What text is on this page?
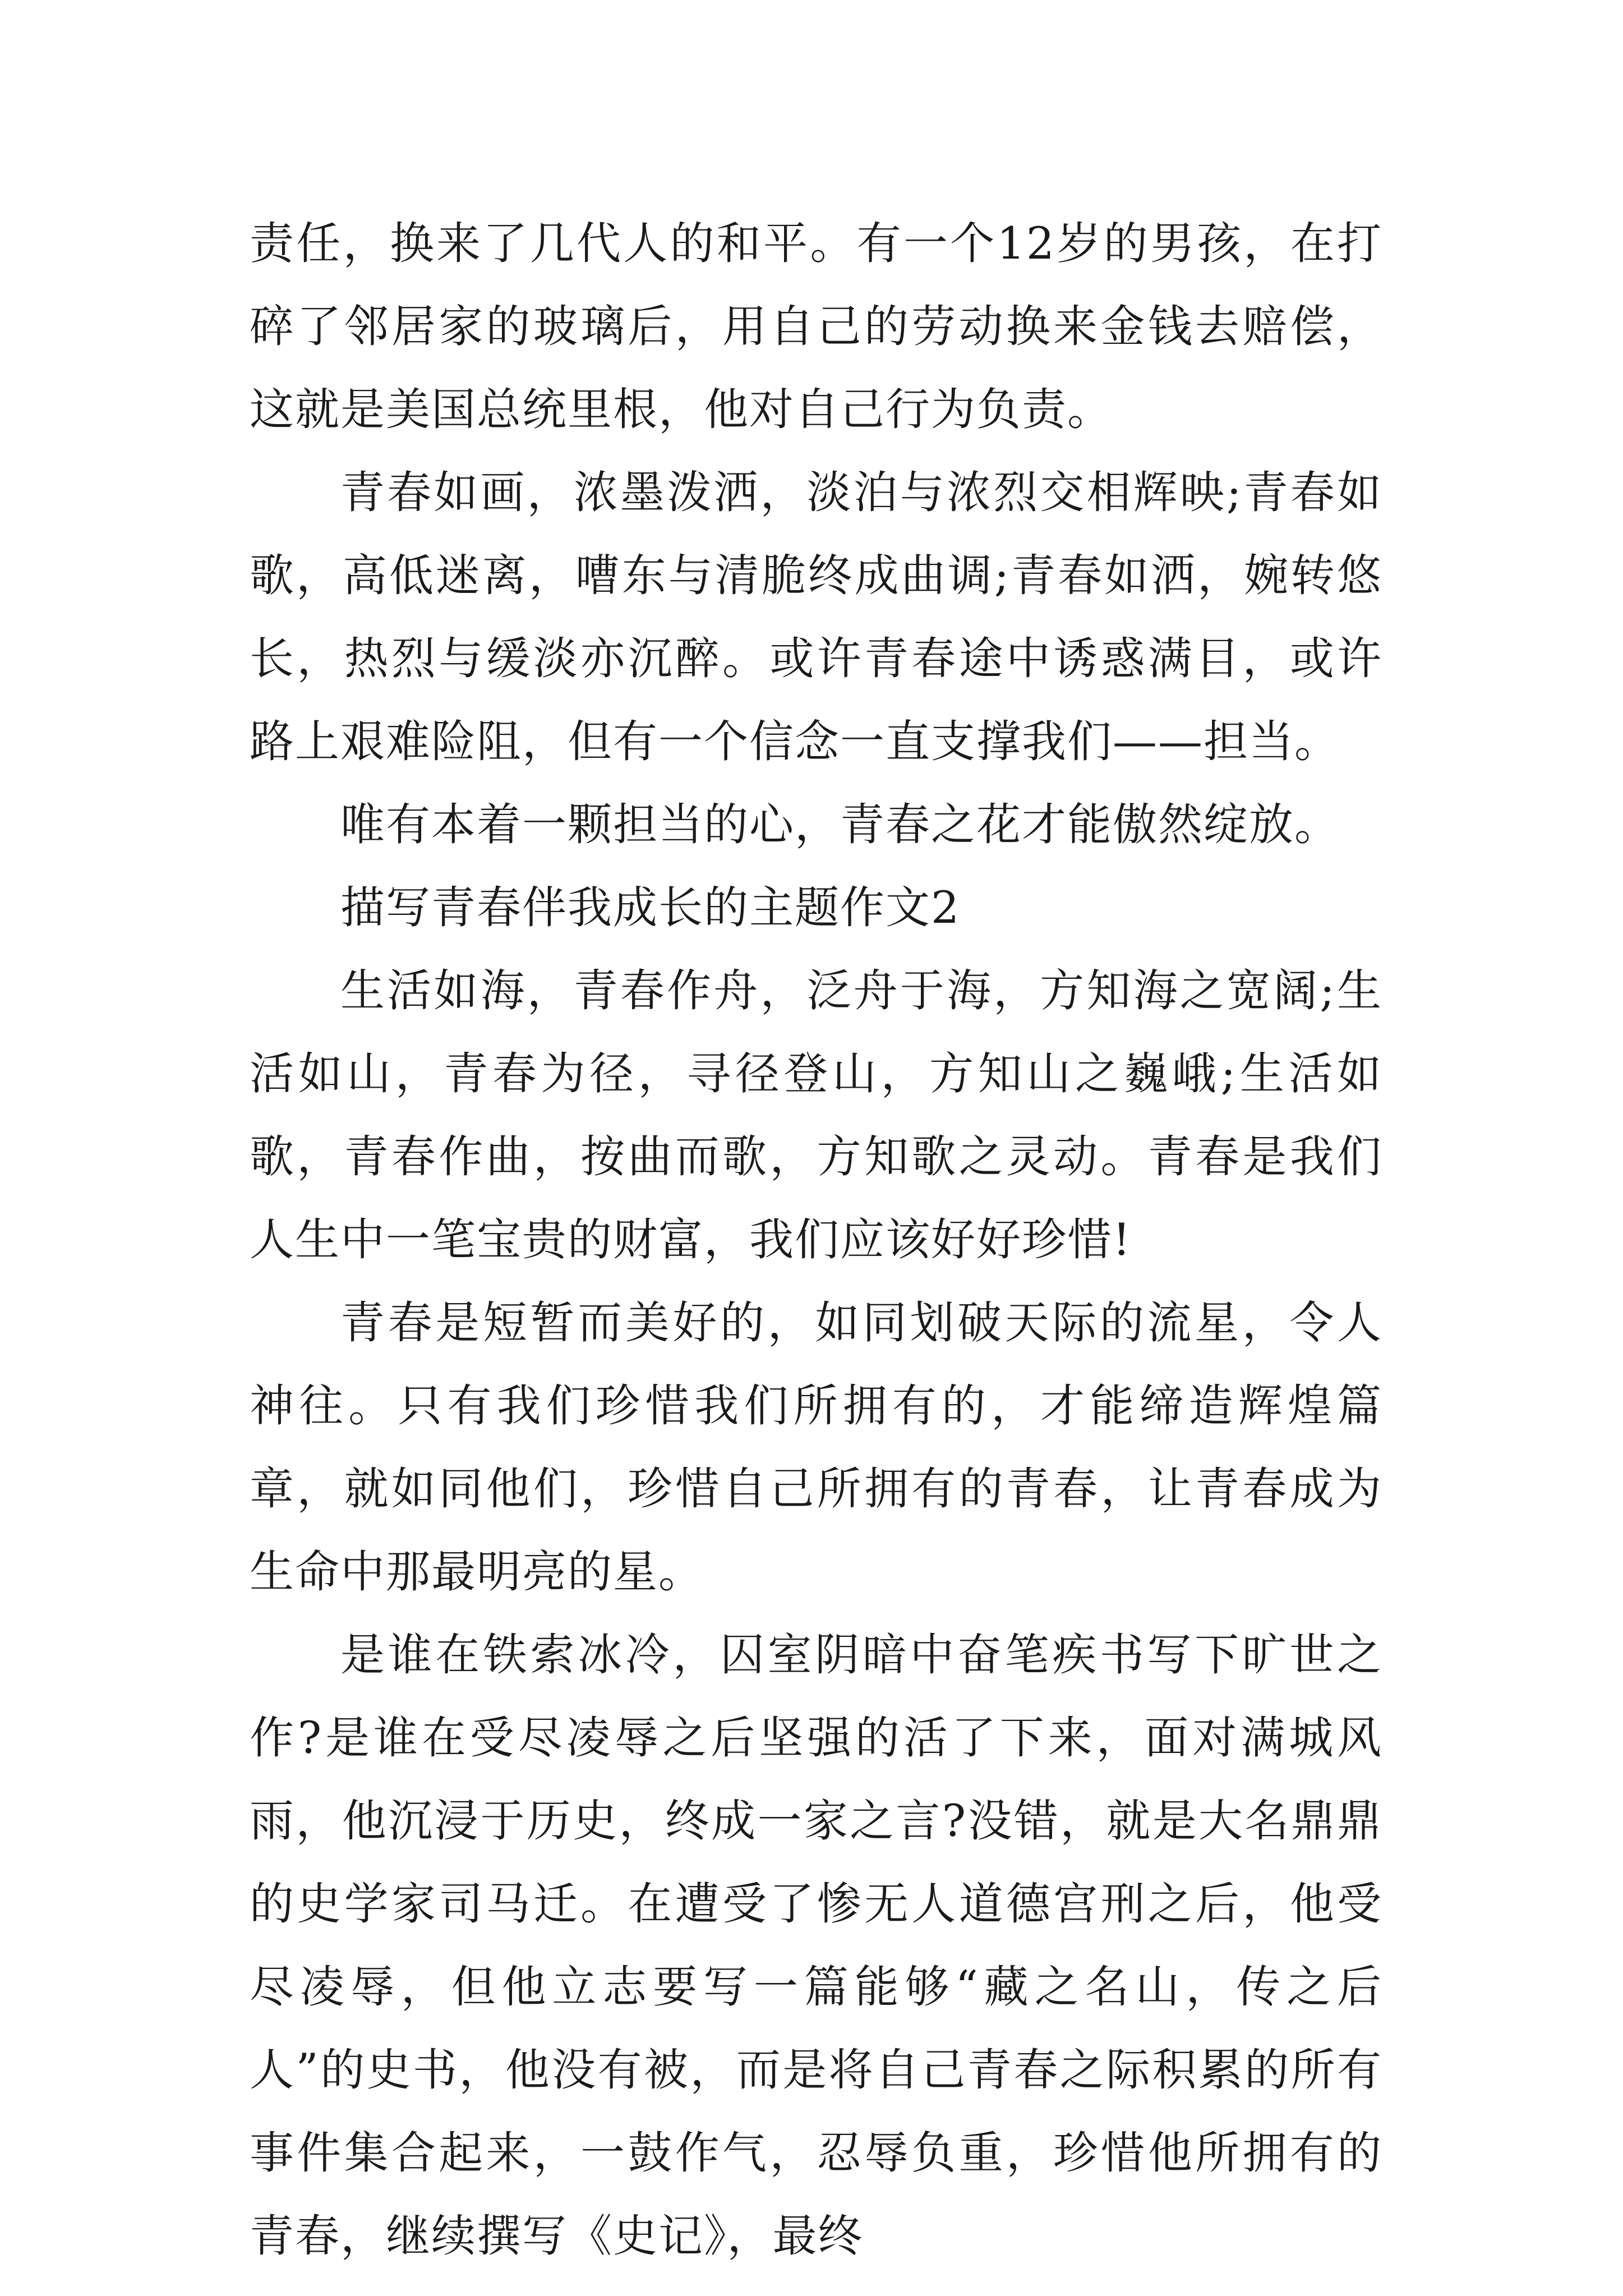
责任，换来了几代人的和平。有一个12岁的男孩，在打碎了邻居家的玻璃后，用自己的劳动换来金钱去赔偿，这就是美国总统里根，他对自己行为负责。

青春如画，浓墨泼洒，淡泊与浓烈交相辉映;青春如歌，高低迷离，嘈东与清脆终成曲调;青春如洒，婉转悠长，热烈与缓淡亦沉醉。或许青春途中诱惑满目，或许路上艰难险阻，但有一个信念一直支撑我们——担当。

唯有本着一颗担当的心，青春之花才能傲然绽放。

描写青春伴我成长的主题作文2

生活如海，青春作舟，泛舟于海，方知海之宽阔;生活如山，青春为径，寻径登山，方知山之巍峨;生活如歌，青春作曲，按曲而歌，方知歌之灵动。青春是我们人生中一笔宝贵的财富，我们应该好好珍惜!

青春是短暂而美好的，如同划破天际的流星，令人神往。只有我们珍惜我们所拥有的，才能缔造辉煌篇章，就如同他们，珍惜自己所拥有的青春，让青春成为生命中那最明亮的星。

是谁在铁索冰冷，囚室阴暗中奋笔疾书写下旷世之作?是谁在受尽凌辱之后坚强的活了下来，面对满城风雨，他沉浸于历史，终成一家之言?没错，就是大名鼎鼎的史学家司马迁。在遭受了惨无人道德宫刑之后，他受尽凌辱，但他立志要写一篇能够“藏之名山，传之后人”的史书，他没有被，而是将自己青春之际积累的所有事件集合起来，一鼓作气，忍辱负重，珍惜他所拥有的青春，继续撰写《史记》，最终
